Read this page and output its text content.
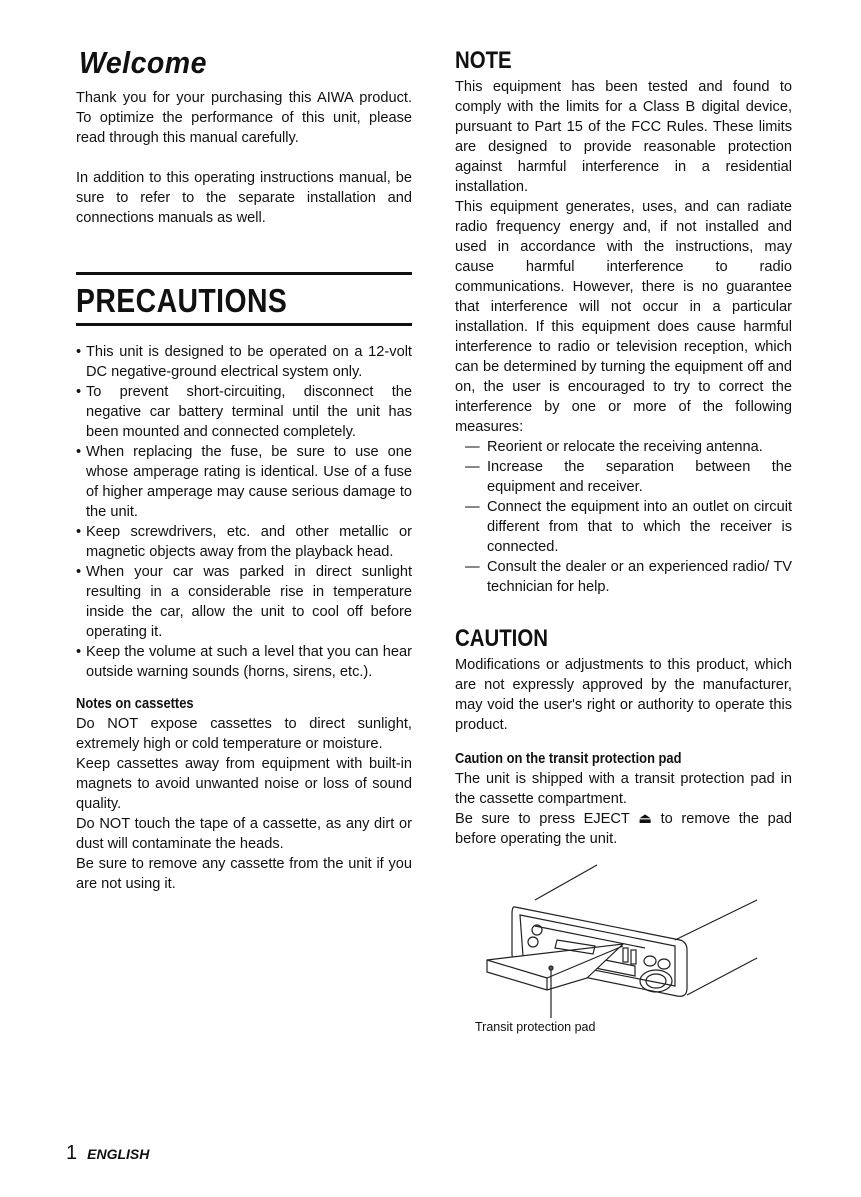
Welcome

Thank you for your purchasing this AIWA product. To optimize the performance of this unit, please read through this manual carefully.

In addition to this operating instructions manual, be sure to refer to the separate installation and connections manuals as well.

PRECAUTIONS
• This unit is designed to be operated on a 12-volt DC negative-ground electrical system only.
• To prevent short-circuiting, disconnect the negative car battery terminal until the unit has been mounted and connected completely.
• When replacing the fuse, be sure to use one whose amperage rating is identical. Use of a fuse of higher amperage may cause serious damage to the unit.
• Keep screwdrivers, etc. and other metallic or magnetic objects away from the playback head.
• When your car was parked in direct sunlight resulting in a considerable rise in temperature inside the car, allow the unit to cool off before operating it.
• Keep the volume at such a level that you can hear outside warning sounds (horns, sirens, etc.).
Notes on cassettes

Do NOT expose cassettes to direct sunlight, extremely high or cold temperature or moisture.

Keep cassettes away from equipment with built-in magnets to avoid unwanted noise or loss of sound quality.

Do NOT touch the tape of a cassette, as any dirt or dust will contaminate the heads.

Be sure to remove any cassette from the unit if you are not using it.

NOTE

This equipment has been tested and found to comply with the limits for a Class B digital device, pursuant to Part 15 of the FCC Rules. These limits are designed to provide reasonable protection against harmful interference in a residential installation.

This equipment generates, uses, and can radiate radio frequency energy and, if not installed and used in accordance with the instructions, may cause harmful interference to radio communications. However, there is no guarantee that interference will not occur in a particular installation. If this equipment does cause harmful interference to radio or television reception, which can be determined by turning the equipment off and on, the user is encouraged to try to correct the interference by one or more of the following measures:

— Reorient or relocate the receiving antenna.
— Increase the separation between the equipment and receiver.
— Connect the equipment into an outlet on circuit different from that to which the receiver is connected.
— Consult the dealer or an experienced radio/ TV technician for help.
CAUTION

Modifications or adjustments to this product, which are not expressly approved by the manufacturer, may void the user's right or authority to operate this product.

Caution on the transit protection pad

The unit is shipped with a transit protection pad in the cassette compartment.

Be sure to press EJECT ⏏ to remove the pad before operating the unit.

Transit protection pad
1 ENGLISH
